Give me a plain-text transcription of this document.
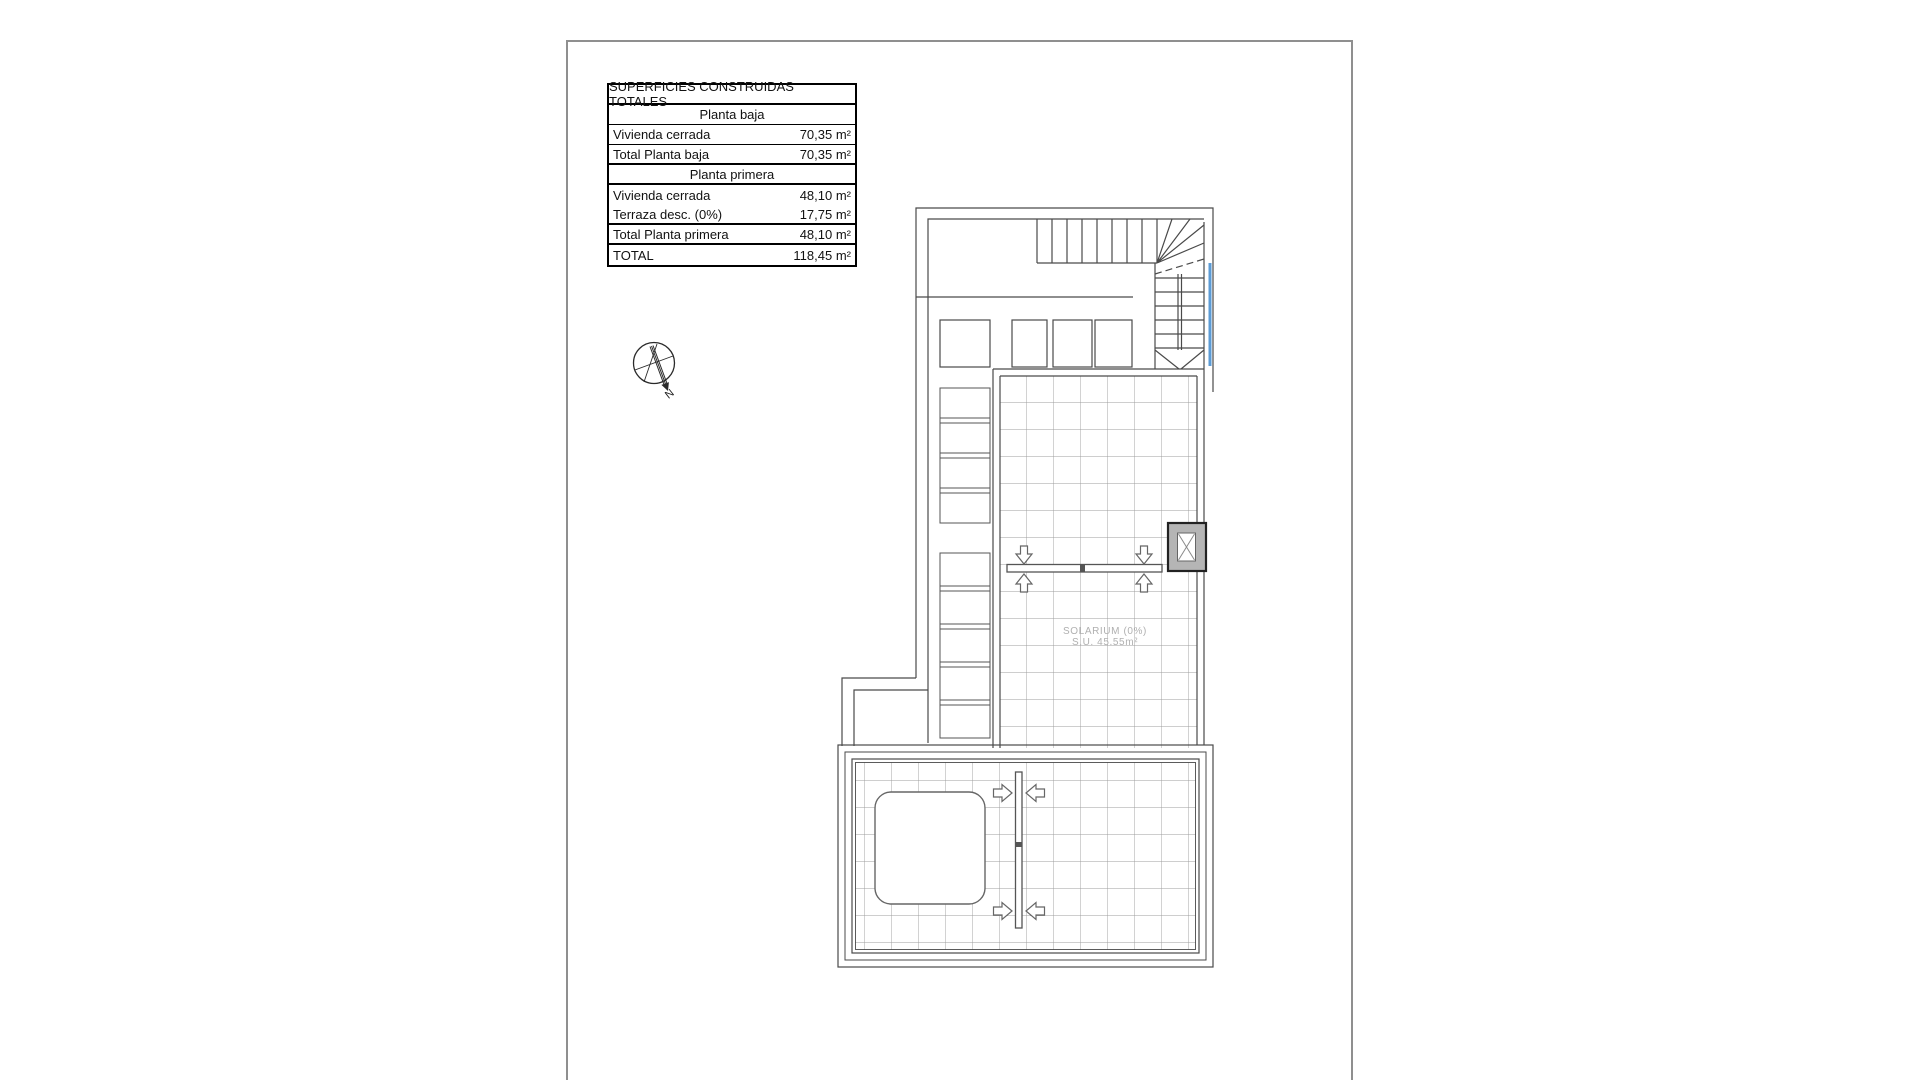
SOLARIUM (0%)
S.U. 45.55m²
N
SUPERFICIES CONSTRUIDAS TOTALES
Planta baja
Vivienda cerrada	70,35 m²
Total Planta baja	70,35 m²
Planta primera
Vivienda cerrada	48,10 m²
Terraza desc. (0%)	17,75 m²
Total Planta primera	48,10 m²
TOTAL	118,45 m²
